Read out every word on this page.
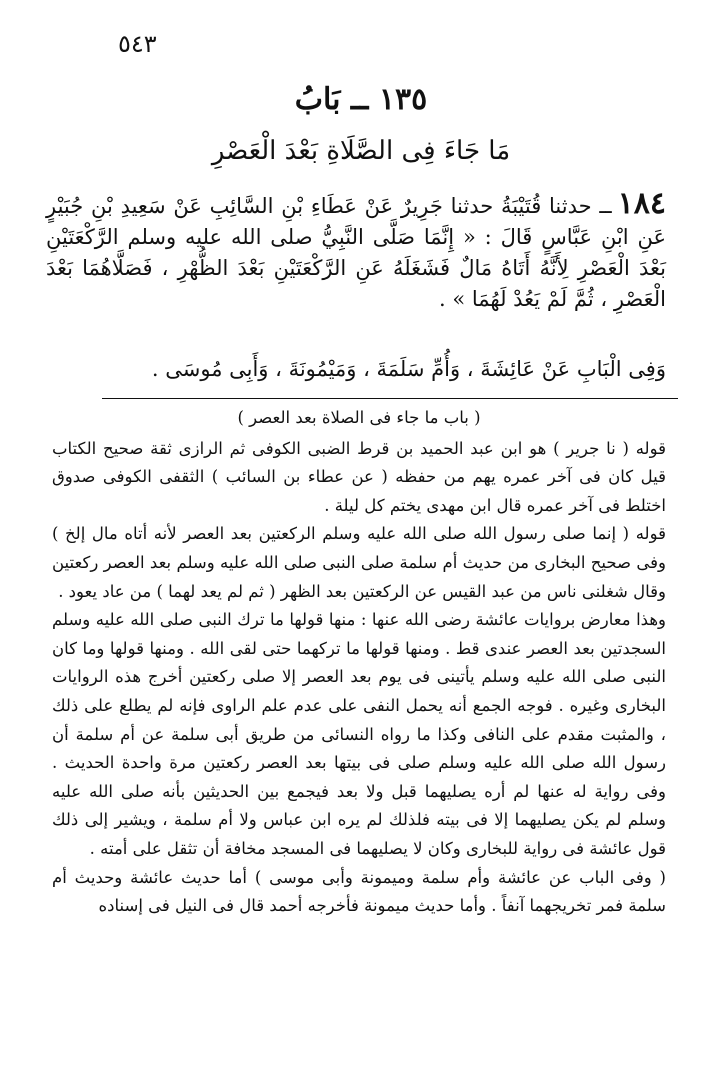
٥٤٣
١٣٥ ــ بَابُ
مَا جَاءَ فِى الصَّلَاةِ بَعْدَ الْعَصْرِ

١٨٤ــ حدثنا قُتَيْبَةُ حدثنا جَرِيرٌ عَنْ عَطَاءِ بْنِ السَّائِبِ عَنْ سَعِيدِ بْنِ جُبَيْرٍ عَنِ ابْنِ عَبَّاسٍ قَالَ : « إِنَّمَا صَلَّى النَّبِيُّ صلى الله عليه وسلم الرَّكْعَتَيْنِ بَعْدَ الْعَصْرِ لِأَنَّهُ أَتَاهُ مَالٌ فَشَغَلَهُ عَنِ الرَّكْعَتَيْنِ بَعْدَ الظُّهْرِ ، فَصَلَّاهُمَا بَعْدَ الْعَصْرِ ، ثُمَّ لَمْ يَعُدْ لَهُمَا » .

وَفِى الْبَابِ عَنْ عَائِشَةَ ، وَأُمِّ سَلَمَةَ ، وَمَيْمُونَةَ ، وَأَبِى مُوسَى .

( باب ما جاء فى الصلاة بعد العصر )

قوله ( نا جرير ) هو ابن عبد الحميد بن قرط الضبى الكوفى ثم الرازى ثقة صحيح الكتاب قيل كان فى آخر عمره يهم من حفظه ( عن عطاء بن السائب ) الثقفى الكوفى صدوق اختلط فى آخر عمره قال ابن مهدى يختم كل ليلة .

قوله ( إنما صلى رسول الله صلى الله عليه وسلم الركعتين بعد العصر لأنه أتاه مال إلخ ) وفى صحيح البخارى من حديث أم سلمة صلى النبى صلى الله عليه وسلم بعد العصر ركعتين وقال شغلنى ناس من عبد القيس عن الركعتين بعد الظهر ( ثم لم يعد لهما ) من عاد يعود .

وهذا معارض بروايات عائشة رضى الله عنها : منها قولها ما ترك النبى صلى الله عليه وسلم السجدتين بعد العصر عندى قط . ومنها قولها ما تركهما حتى لقى الله . ومنها قولها وما كان النبى صلى الله عليه وسلم يأتينى فى يوم بعد العصر إلا صلى ركعتين أخرج هذه الروايات البخارى وغيره . فوجه الجمع أنه يحمل النفى على عدم علم الراوى فإنه لم يطلع على ذلك ، والمثبت مقدم على النافى وكذا ما رواه النسائى من طريق أبى سلمة عن أم سلمة أن رسول الله صلى الله عليه وسلم صلى فى بيتها بعد العصر ركعتين مرة واحدة الحديث . وفى رواية له عنها لم أره يصليهما قبل ولا بعد فيجمع بين الحديثين بأنه صلى الله عليه وسلم لم يكن يصليهما إلا فى بيته فلذلك لم يره ابن عباس ولا أم سلمة ، ويشير إلى ذلك قول عائشة فى رواية للبخارى وكان لا يصليهما فى المسجد مخافة أن تثقل على أمته .

( وفى الباب عن عائشة وأم سلمة وميمونة وأبى موسى ) أما حديث عائشة وحديث أم سلمة فمر تخريجهما آنفاً . وأما حديث ميمونة فأخرجه أحمد قال فى النيل فى إسناده
